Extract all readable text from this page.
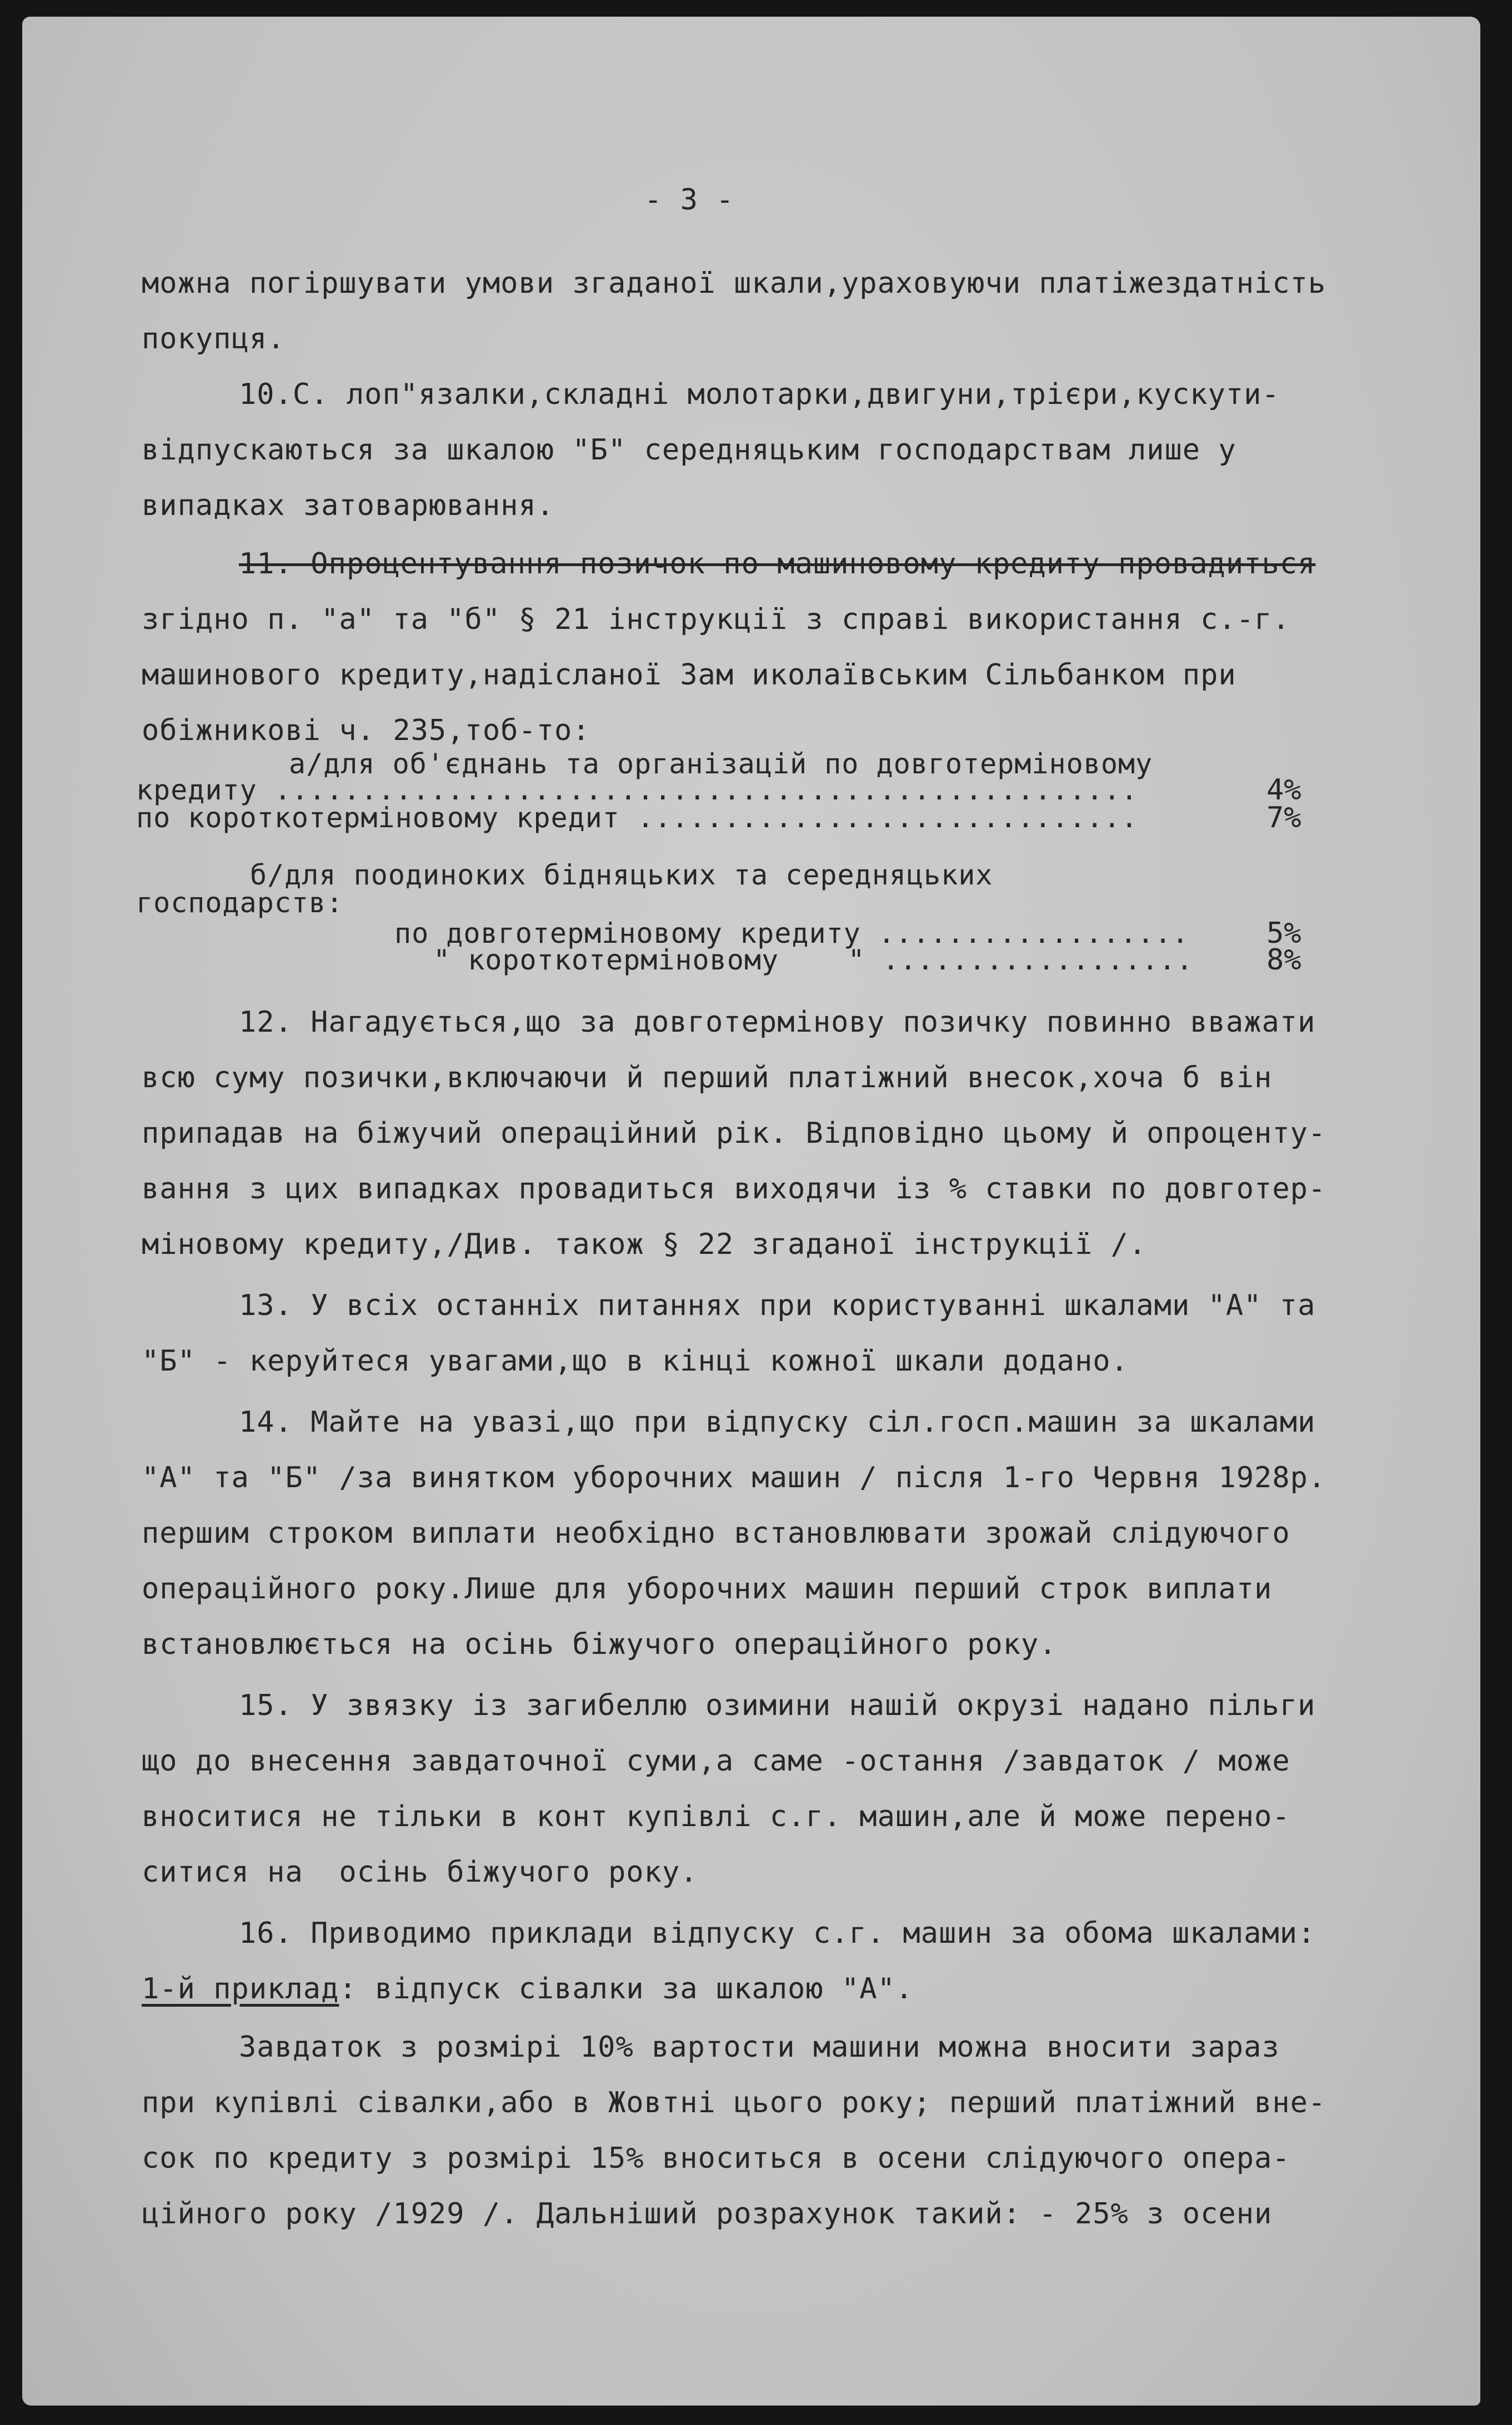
- 3 -

можна погіршувати умови згаданої шкали,ураховуючи платіжездатність

покупця.

10.С. лоп"язалки,складні молотарки,двигуни,трієри,кускути-

відпускаються за шкалою "Б" середняцьким господарствам лише у

випадках затоварювання.

11. Опроцентування позичок по машиновому кредиту провадиться

згідно п. "а" та "б" § 21 інструкції з справі використання с.-г.

машинового кредиту,надісланої Зам иколаївським Сільбанком при

обіжникові ч. 235,тоб-то:

а/для об'єднань та організацій по довготерміновому

кредиту ..................................................	4%

по короткотерміновому кредит .............................	7%

б/для поодиноких бідняцьких та середняцьких

господарств:

по довготерміновому кредиту ..................	5%

" короткотерміновому    " ..................	8%

12. Нагадується,що за довготермінову позичку повинно вважати

всю суму позички,включаючи й перший платіжний внесок,хоча б він

припадав на біжучий операційний рік. Відповідно цьому й опроценту-

вання з цих випадках провадиться виходячи із % ставки по довготер-

міновому кредиту,/Див. також § 22 згаданої інструкції /.

13. У всіх останніх питаннях при користуванні шкалами "А" та

"Б" - керуйтеся увагами,що в кінці кожної шкали додано.

14. Майте на увазі,що при відпуску сіл.госп.машин за шкалами

"А" та "Б" /за винятком уборочних машин / після 1-го Червня 1928р.

першим строком виплати необхідно встановлювати зрожай слідуючого

операційного року.Лише для уборочних машин перший строк виплати

встановлюється на осінь біжучого операційного року.

15. У звязку із загибеллю озимини нашій окрузі надано пільги

що до внесення завдаточної суми,а саме -остання /завдаток / може

вноситися не тільки в конт купівлі с.г. машин,але й може перено-

ситися на  осінь біжучого року.

16. Приводимо приклади відпуску с.г. машин за обома шкалами:

1-й приклад: відпуск сівалки за шкалою "А".

Завдаток з розмірі 10% вартости машини можна вносити зараз

при купівлі сівалки,або в Жовтні цього року; перший платіжний вне-

сок по кредиту з розмірі 15% вноситься в осени слідуючого опера-

ційного року /1929 /. Дальніший розрахунок такий: - 25% з осени
